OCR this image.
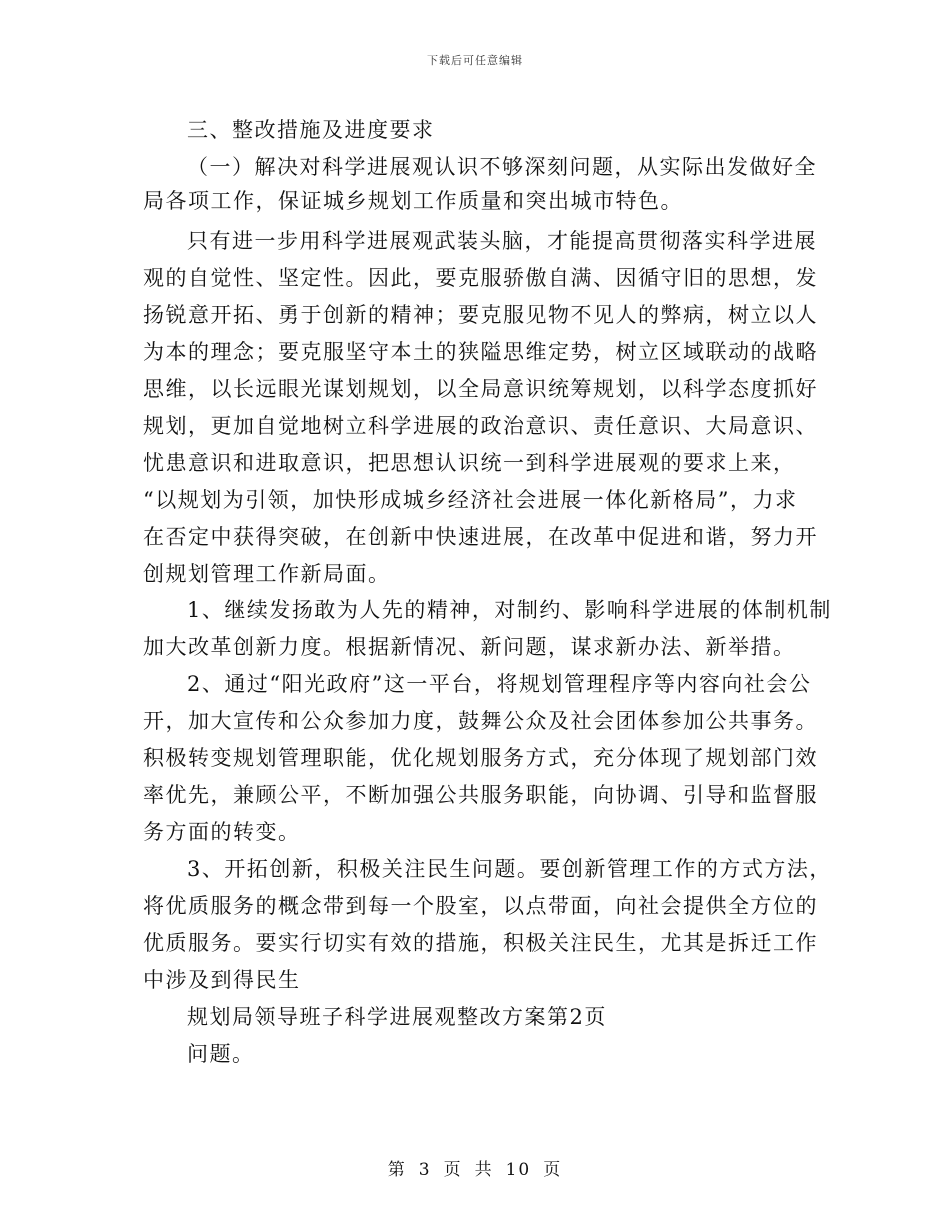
下载后可任意编辑
三、整改措施及进度要求
（一）解决对科学进展观认识不够深刻问题，从实际出发做好全
局各项工作，保证城乡规划工作质量和突出城市特色。
只有进一步用科学进展观武装头脑，才能提高贯彻落实科学进展
观的自觉性、坚定性。因此，要克服骄傲自满、因循守旧的思想，发
扬锐意开拓、勇于创新的精神；要克服见物不见人的弊病，树立以人
为本的理念；要克服坚守本土的狭隘思维定势，树立区域联动的战略
思维，以长远眼光谋划规划，以全局意识统筹规划，以科学态度抓好
规划，更加自觉地树立科学进展的政治意识、责任意识、大局意识、
忧患意识和进取意识，把思想认识统一到科学进展观的要求上来，
“以规划为引领，加快形成城乡经济社会进展一体化新格局”，力求
在否定中获得突破，在创新中快速进展，在改革中促进和谐，努力开
创规划管理工作新局面。
1、继续发扬敢为人先的精神，对制约、影响科学进展的体制机制
加大改革创新力度。根据新情况、新问题，谋求新办法、新举措。
2、通过“阳光政府”这一平台，将规划管理程序等内容向社会公
开，加大宣传和公众参加力度，鼓舞公众及社会团体参加公共事务。
积极转变规划管理职能，优化规划服务方式，充分体现了规划部门效
率优先，兼顾公平，不断加强公共服务职能，向协调、引导和监督服
务方面的转变。
3、开拓创新，积极关注民生问题。要创新管理工作的方式方法，
将优质服务的概念带到每一个股室，以点带面，向社会提供全方位的
优质服务。要实行切实有效的措施，积极关注民生，尤其是拆迁工作
中涉及到得民生
规划局领导班子科学进展观整改方案第2页
问题。
第 3 页 共 10 页
